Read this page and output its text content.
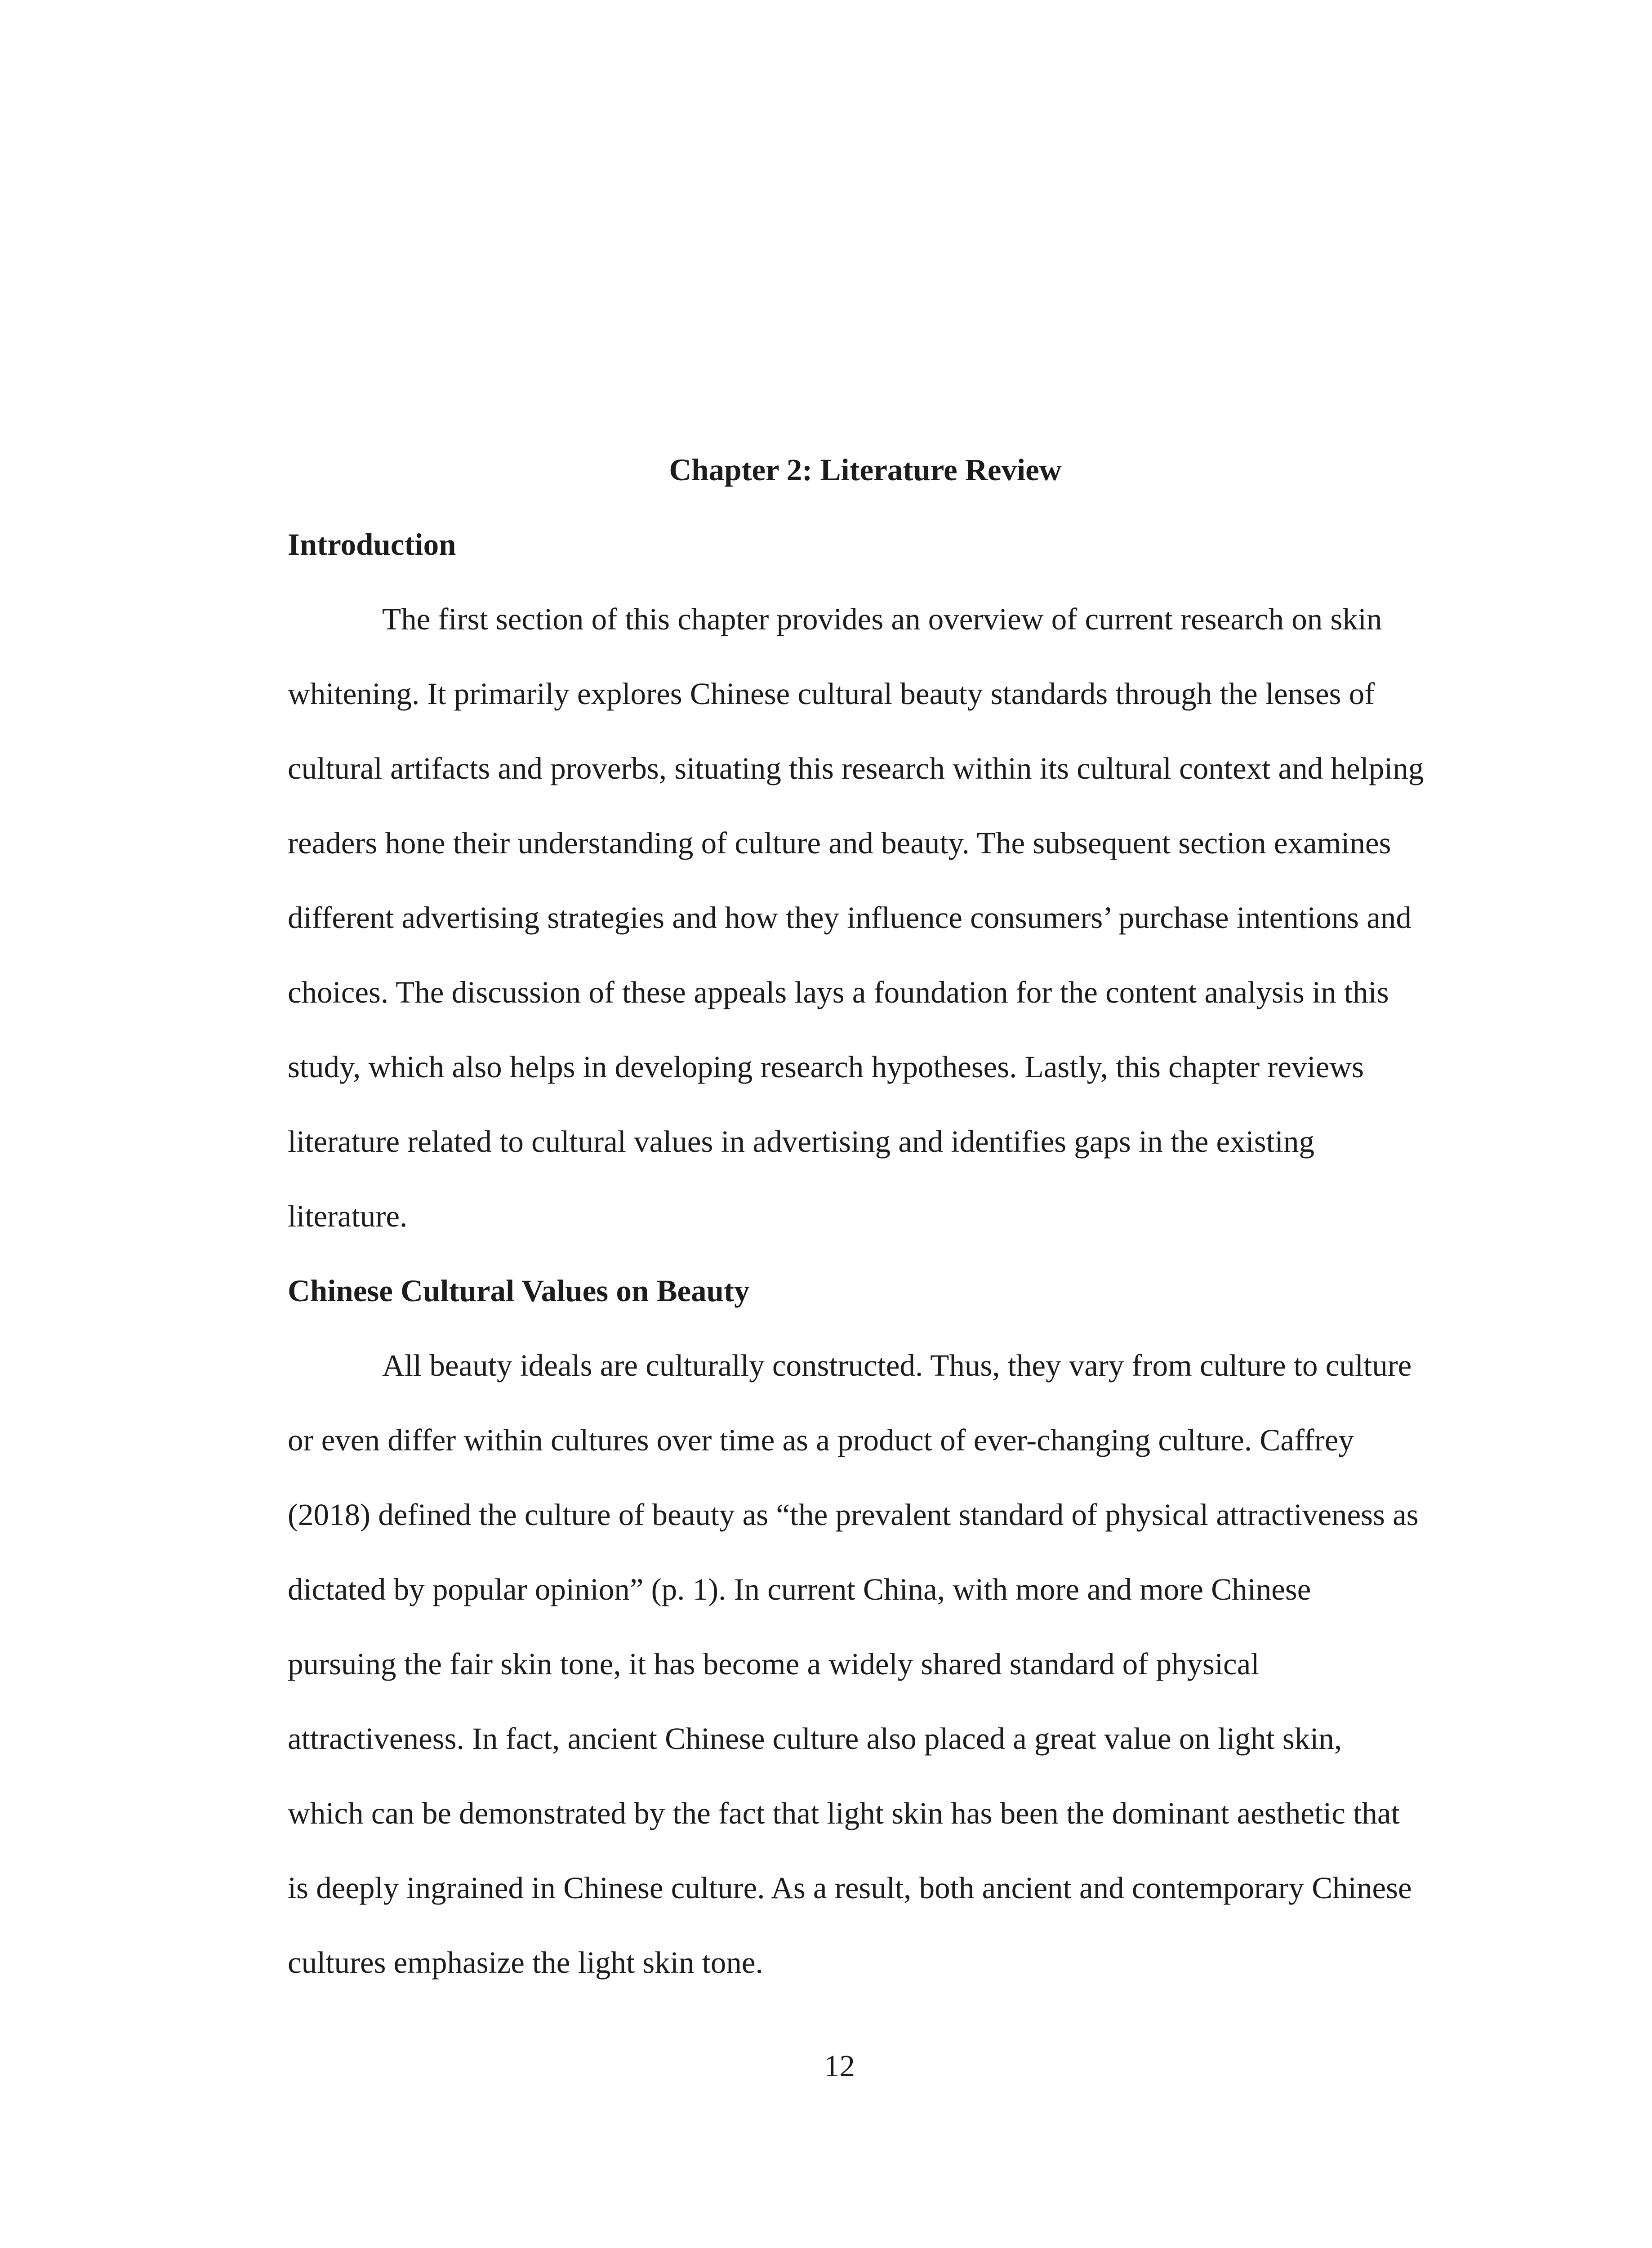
Chapter 2: Literature Review
Introduction

The first section of this chapter provides an overview of current research on skin whitening. It primarily explores Chinese cultural beauty standards through the lenses of cultural artifacts and proverbs, situating this research within its cultural context and helping readers hone their understanding of culture and beauty. The subsequent section examines different advertising strategies and how they influence consumers’ purchase intentions and choices. The discussion of these appeals lays a foundation for the content analysis in this study, which also helps in developing research hypotheses. Lastly, this chapter reviews literature related to cultural values in advertising and identifies gaps in the existing literature.

Chinese Cultural Values on Beauty

All beauty ideals are culturally constructed. Thus, they vary from culture to culture or even differ within cultures over time as a product of ever-changing culture. Caffrey (2018) defined the culture of beauty as “the prevalent standard of physical attractiveness as dictated by popular opinion” (p. 1). In current China, with more and more Chinese pursuing the fair skin tone, it has become a widely shared standard of physical attractiveness. In fact, ancient Chinese culture also placed a great value on light skin, which can be demonstrated by the fact that light skin has been the dominant aesthetic that is deeply ingrained in Chinese culture. As a result, both ancient and contemporary Chinese cultures emphasize the light skin tone.

12
